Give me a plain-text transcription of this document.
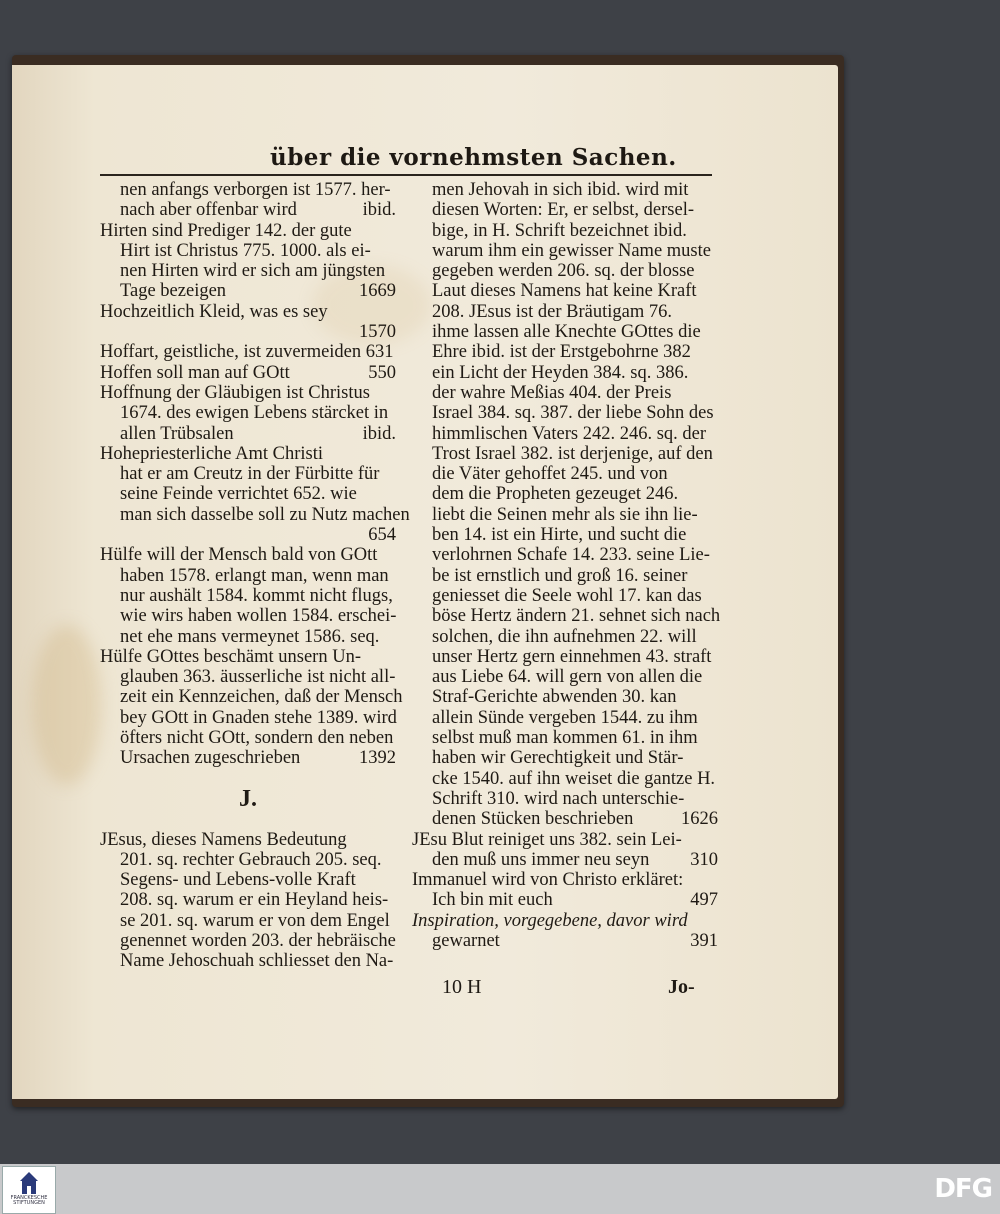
über die vornehmsten Sachen.
nen anfangs verborgen ist 1577. her-
nach aber offenbar wird	ibid.
Hirten sind Prediger 142. der gute
Hirt ist Christus 775. 1000. als ei-
nen Hirten wird er sich am jüngsten
Tage bezeigen	1669
Hochzeitlich Kleid, was es sey
1570
Hoffart, geistliche, ist zuvermeiden 631
Hoffen soll man auf GOtt	550
Hoffnung der Gläubigen ist Christus
1674. des ewigen Lebens stärcket in
allen Trübsalen	ibid.
Hohepriesterliche Amt Christi
hat er am Creutz in der Fürbitte für
seine Feinde verrichtet 652. wie
man sich dasselbe soll zu Nutz machen
654
Hülfe will der Mensch bald von GOtt
haben 1578. erlangt man, wenn man
nur aushält 1584. kommt nicht flugs,
wie wirs haben wollen 1584. erschei-
net ehe mans vermeynet 1586. seq.
Hülfe GOttes beschämt unsern Un-
glauben 363. äusserliche ist nicht all-
zeit ein Kennzeichen, daß der Mensch
bey GOtt in Gnaden stehe 1389. wird
öfters nicht GOtt, sondern den neben
Ursachen zugeschrieben	1392
J.
JEsus, dieses Namens Bedeutung
201. sq. rechter Gebrauch 205. seq.
Segens- und Lebens-volle Kraft
208. sq. warum er ein Heyland heis-
se 201. sq. warum er von dem Engel
genennet worden 203. der hebräische
Name Jehoschuah schliesset den Na-
men Jehovah in sich ibid. wird mit
diesen Worten: Er, er selbst, dersel-
bige, in H. Schrift bezeichnet ibid.
warum ihm ein gewisser Name muste
gegeben werden 206. sq. der blosse
Laut dieses Namens hat keine Kraft
208. JEsus ist der Bräutigam 76.
ihme lassen alle Knechte GOttes die
Ehre ibid. ist der Erstgebohrne 382
ein Licht der Heyden 384. sq. 386.
der wahre Meßias 404. der Preis
Israel 384. sq. 387. der liebe Sohn des
himmlischen Vaters 242. 246. sq. der
Trost Israel 382. ist derjenige, auf den
die Väter gehoffet 245. und von
dem die Propheten gezeuget 246.
liebt die Seinen mehr als sie ihn lie-
ben 14. ist ein Hirte, und sucht die
verlohrnen Schafe 14. 233. seine Lie-
be ist ernstlich und groß 16. seiner
geniesset die Seele wohl 17. kan das
böse Hertz ändern 21. sehnet sich nach
solchen, die ihn aufnehmen 22. will
unser Hertz gern einnehmen 43. straft
aus Liebe 64. will gern von allen die
Straf-Gerichte abwenden 30. kan
allein Sünde vergeben 1544. zu ihm
selbst muß man kommen 61. in ihm
haben wir Gerechtigkeit und Stär-
cke 1540. auf ihn weiset die gantze H.
Schrift 310. wird nach unterschie-
denen Stücken beschrieben	1626
JEsu Blut reiniget uns 382. sein Lei-
den muß uns immer neu seyn 310
Immanuel wird von Christo erkläret:
Ich bin mit euch	497
Inspiration, vorgegebene, davor wird
gewarnet	391
10 H	Jo-
FRANCKESCHE STIFTUNGEN	DFG
